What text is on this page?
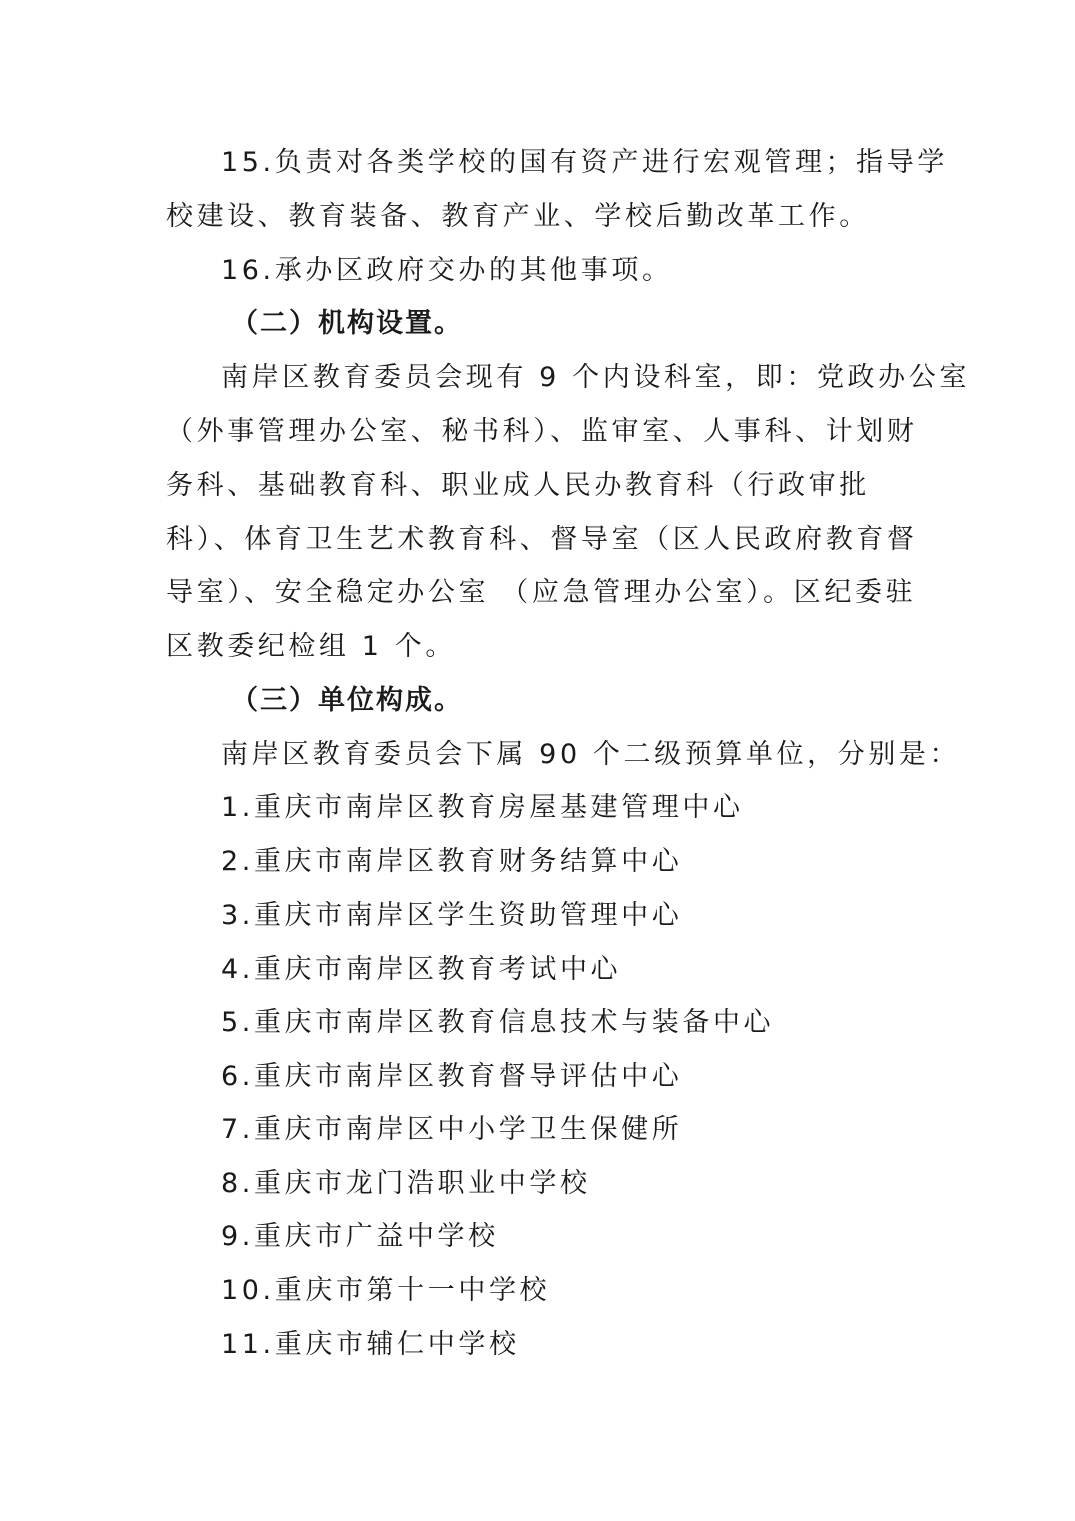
15.负责对各类学校的国有资产进行宏观管理；指导学
校建设、教育装备、教育产业、学校后勤改革工作。
16.承办区政府交办的其他事项。
（二）机构设置。
南岸区教育委员会现有 9 个内设科室，即：党政办公室
（外事管理办公室、秘书科）、监审室、人事科、计划财
务科、基础教育科、职业成人民办教育科（行政审批
科）、体育卫生艺术教育科、督导室（区人民政府教育督
导室）、安全稳定办公室 （应急管理办公室）。区纪委驻
区教委纪检组 1 个。
（三）单位构成。
南岸区教育委员会下属 90 个二级预算单位，分别是：
1.重庆市南岸区教育房屋基建管理中心
2.重庆市南岸区教育财务结算中心
3.重庆市南岸区学生资助管理中心
4.重庆市南岸区教育考试中心
5.重庆市南岸区教育信息技术与装备中心
6.重庆市南岸区教育督导评估中心
7.重庆市南岸区中小学卫生保健所
8.重庆市龙门浩职业中学校
9.重庆市广益中学校
10.重庆市第十一中学校
11.重庆市辅仁中学校
